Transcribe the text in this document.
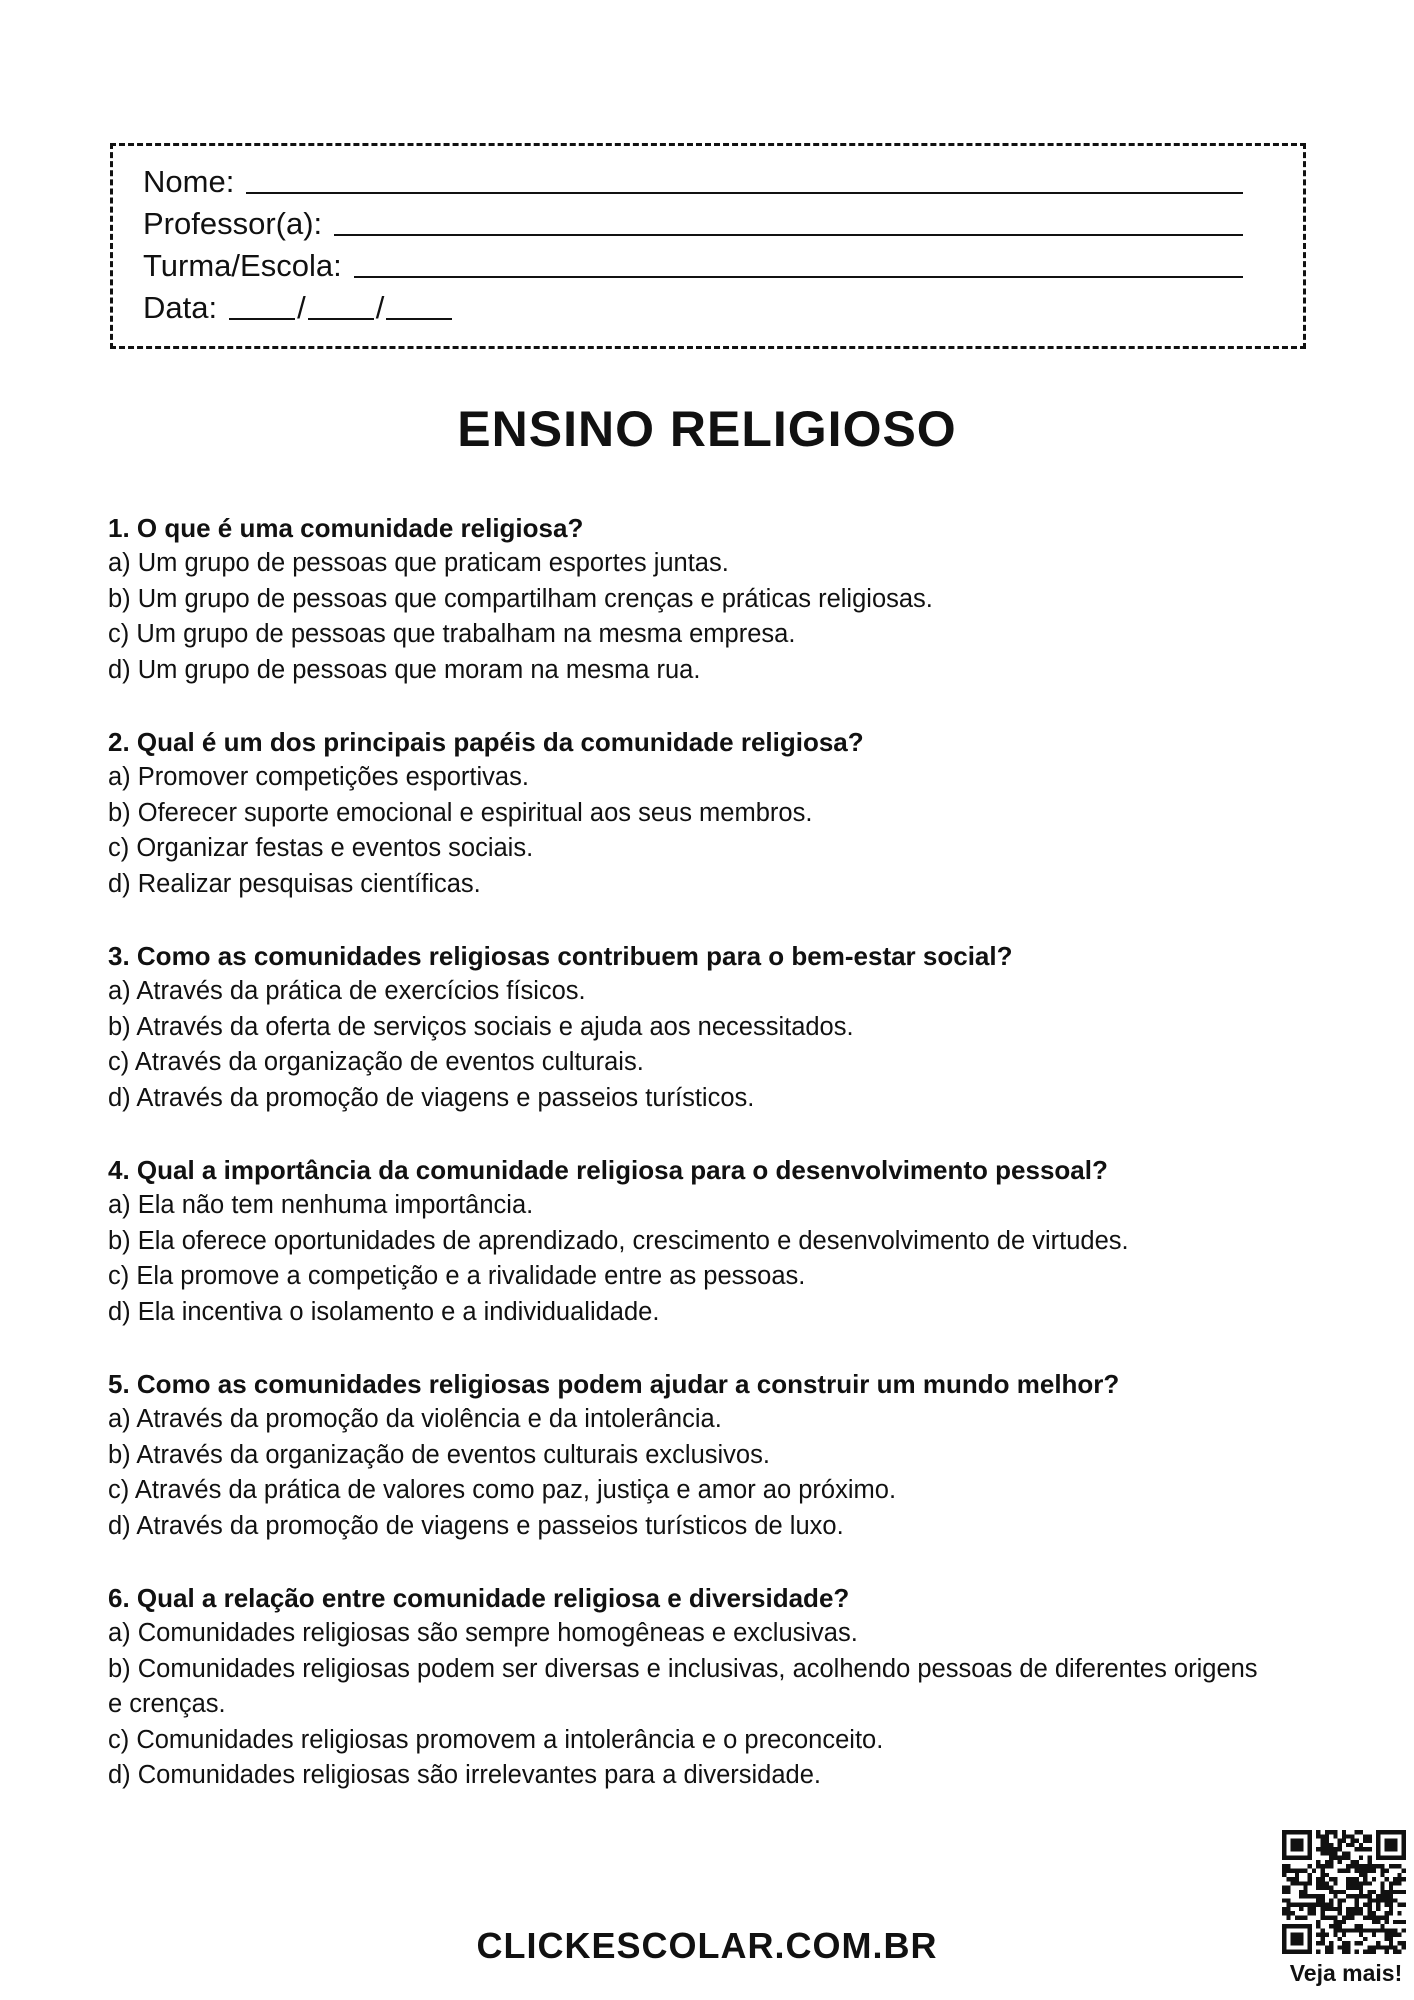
Nome:
Professor(a):
Turma/Escola:
Data:	/ /
ENSINO RELIGIOSO
1. O que é uma comunidade religiosa?
a) Um grupo de pessoas que praticam esportes juntas.
b) Um grupo de pessoas que compartilham crenças e práticas religiosas.
c) Um grupo de pessoas que trabalham na mesma empresa.
d) Um grupo de pessoas que moram na mesma rua.
2. Qual é um dos principais papéis da comunidade religiosa?
a) Promover competições esportivas.
b) Oferecer suporte emocional e espiritual aos seus membros.
c) Organizar festas e eventos sociais.
d) Realizar pesquisas científicas.
3. Como as comunidades religiosas contribuem para o bem-estar social?
a) Através da prática de exercícios físicos.
b) Através da oferta de serviços sociais e ajuda aos necessitados.
c) Através da organização de eventos culturais.
d) Através da promoção de viagens e passeios turísticos.
4. Qual a importância da comunidade religiosa para o desenvolvimento pessoal?
a) Ela não tem nenhuma importância.
b) Ela oferece oportunidades de aprendizado, crescimento e desenvolvimento de virtudes.
c) Ela promove a competição e a rivalidade entre as pessoas.
d) Ela incentiva o isolamento e a individualidade.
5. Como as comunidades religiosas podem ajudar a construir um mundo melhor?
a) Através da promoção da violência e da intolerância.
b) Através da organização de eventos culturais exclusivos.
c) Através da prática de valores como paz, justiça e amor ao próximo.
d) Através da promoção de viagens e passeios turísticos de luxo.
6. Qual a relação entre comunidade religiosa e diversidade?
a) Comunidades religiosas são sempre homogêneas e exclusivas.
b) Comunidades religiosas podem ser diversas e inclusivas, acolhendo pessoas de diferentes origens e crenças.
c) Comunidades religiosas promovem a intolerância e o preconceito.
d) Comunidades religiosas são irrelevantes para a diversidade.
CLICKESCOLAR.COM.BR
Veja mais!
